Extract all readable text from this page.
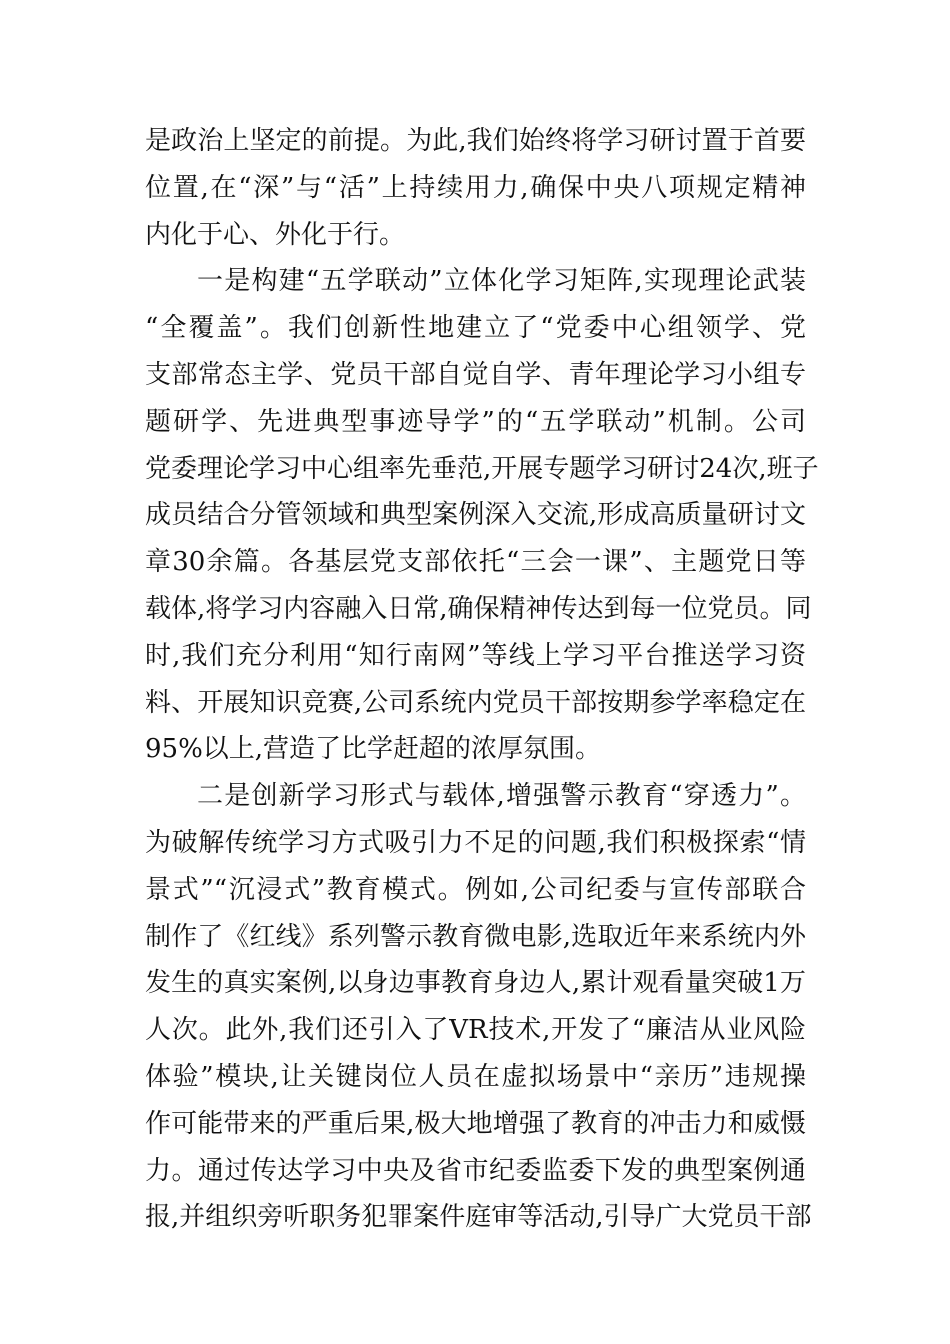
是政治上坚定的前提。为此,我们始终将学习研讨置于首要
位置,在“深”与“活”上持续用力,确保中央八项规定精神
内化于心、外化于行。
一是构建“五学联动”立体化学习矩阵,实现理论武装
“全覆盖”。我们创新性地建立了“党委中心组领学、党
支部常态主学、党员干部自觉自学、青年理论学习小组专
题研学、先进典型事迹导学”的“五学联动”机制。公司
党委理论学习中心组率先垂范,开展专题学习研讨24次,班子
成员结合分管领域和典型案例深入交流,形成高质量研讨文
章30余篇。各基层党支部依托“三会一课”、主题党日等
载体,将学习内容融入日常,确保精神传达到每一位党员。同
时,我们充分利用“知行南网”等线上学习平台推送学习资
料、开展知识竞赛,公司系统内党员干部按期参学率稳定在
95%以上,营造了比学赶超的浓厚氛围。
二是创新学习形式与载体,增强警示教育“穿透力”。
为破解传统学习方式吸引力不足的问题,我们积极探索“情
景式”“沉浸式”教育模式。例如,公司纪委与宣传部联合
制作了《红线》系列警示教育微电影,选取近年来系统内外
发生的真实案例,以身边事教育身边人,累计观看量突破1万
人次。此外,我们还引入了VR技术,开发了“廉洁从业风险
体验”模块,让关键岗位人员在虚拟场景中“亲历”违规操
作可能带来的严重后果,极大地增强了教育的冲击力和威慑
力。通过传达学习中央及省市纪委监委下发的典型案例通
报,并组织旁听职务犯罪案件庭审等活动,引导广大党员干部
